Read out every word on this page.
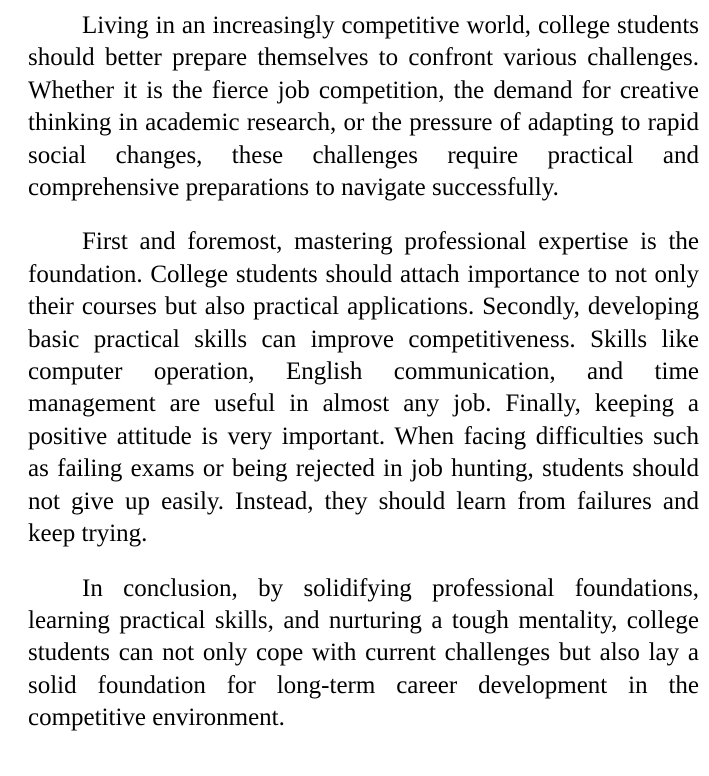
Living in an increasingly competitive world, college students should better prepare themselves to confront various challenges. Whether it is the fierce job competition, the demand for creative thinking in academic research, or the pressure of adapting to rapid social changes, these challenges require practical and comprehensive preparations to navigate successfully.

First and foremost, mastering professional expertise is the foundation. College students should attach importance to not only their courses but also practical applications. Secondly, developing basic practical skills can improve competitiveness. Skills like computer operation, English communication, and time management are useful in almost any job. Finally, keeping a positive attitude is very important. When facing difficulties such as failing exams or being rejected in job hunting, students should not give up easily. Instead, they should learn from failures and keep trying.

In conclusion, by solidifying professional foundations, learning practical skills, and nurturing a tough mentality, college students can not only cope with current challenges but also lay a solid foundation for long-term career development in the competitive environment.
